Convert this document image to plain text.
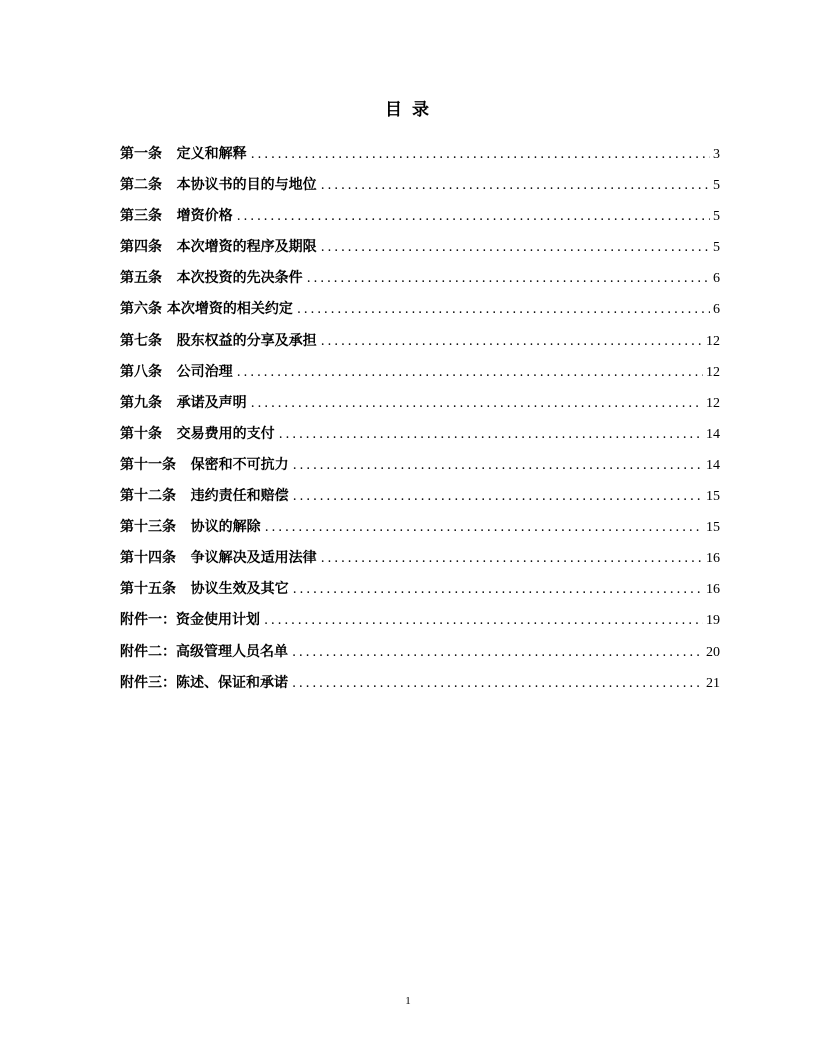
目 录
第一条   定义和解释 .....	3
第二条   本协议书的目的与地位 .....	5
第三条   增资价格 .....	5
第四条   本次增资的程序及期限 .....	5
第五条   本次投资的先决条件 .....	6
第六条 本次增资的相关约定 .....	6
第七条   股东权益的分享及承担 .....	12
第八条   公司治理 .....	12
第九条   承诺及声明 .....	12
第十条   交易费用的支付 .....	14
第十一条   保密和不可抗力 .....	14
第十二条   违约责任和赔偿 .....	15
第十三条   协议的解除 .....	15
第十四条   争议解决及适用法律 .....	16
第十五条   协议生效及其它 .....	16
附件一：资金使用计划 .....	19
附件二：高级管理人员名单 .....	20
附件三：陈述、保证和承诺 .....	21
1
